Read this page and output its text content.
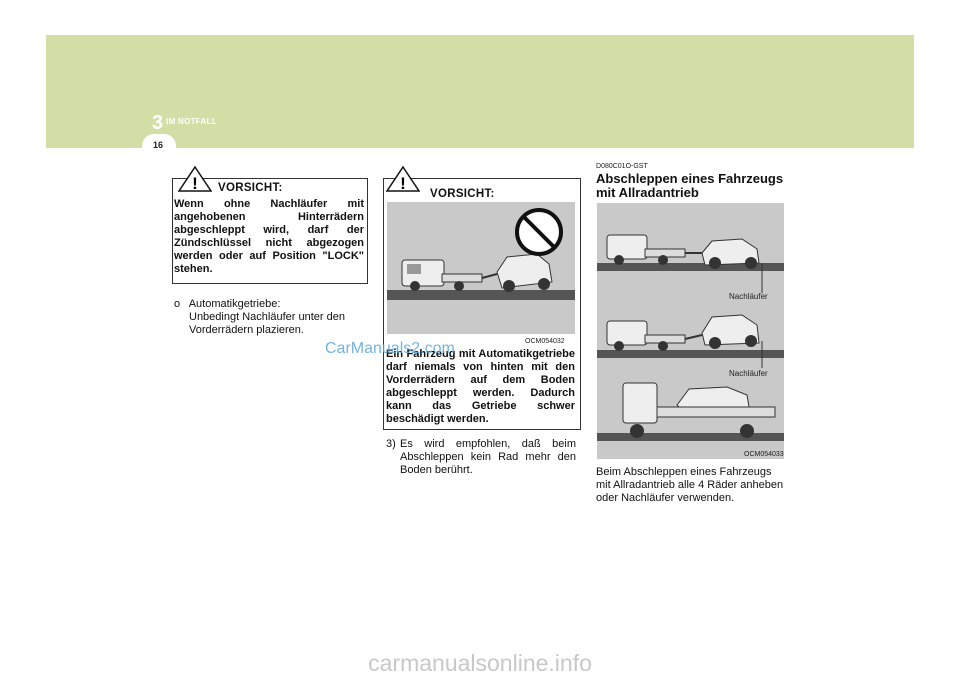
3 IM NOTFALL
16
! VORSICHT:
Wenn ohne Nachläufer mit angehobenen Hinterrädern abgeschleppt wird, darf der Zündschlüssel nicht abgezogen werden oder auf Position "LOCK" stehen.
o Automatikgetriebe:
Unbedingt Nachläufer unter den Vorderrädern plazieren.
!
VORSICHT:
OCM054032
Ein Fahrzeug mit Automatikgetriebe darf niemals von hinten mit den Vorderrädern auf dem Boden abgeschleppt werden. Dadurch kann das Getriebe schwer beschädigt werden.
3) Es wird empfohlen, daß beim Abschleppen kein Rad mehr den Boden berührt.
D080C01O-GST
Abschleppen eines Fahrzeugs mit Allradantrieb
Nachläufer
Nachläufer
OCM054033
Beim Abschleppen eines Fahrzeugs mit Allradantrieb alle 4 Räder anheben oder Nachläufer verwenden.
CarManuals2.com
carmanualsonline.info
